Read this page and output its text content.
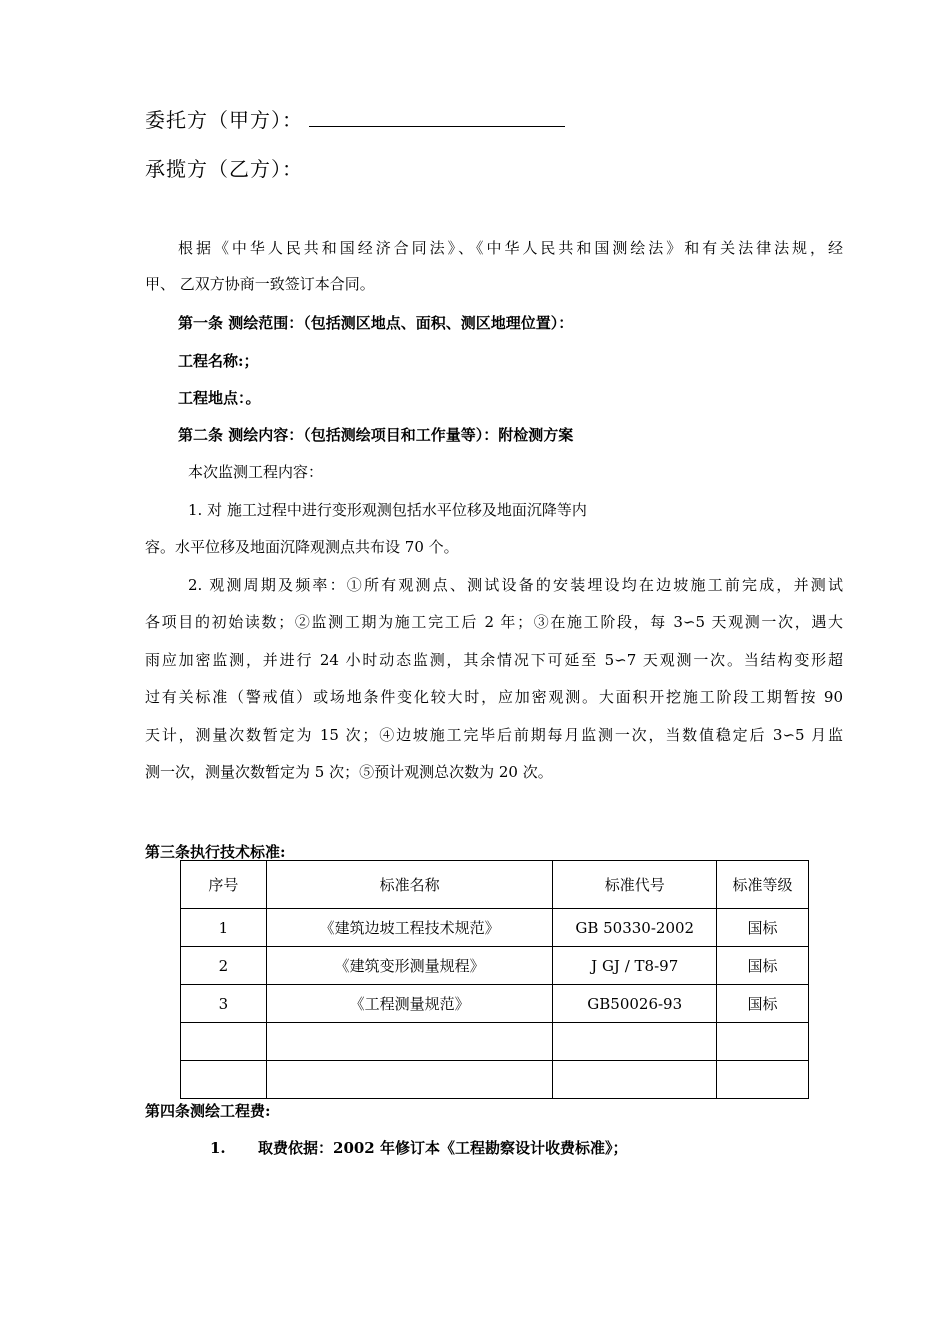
委托方（甲方）：
承揽方（乙方）：
根据《中华人民共和国经济合同法》、《中华人民共和国测绘法》和有关法律法规，经
甲、 乙双方协商一致签订本合同。
第一条 测绘范围：（包括测区地点、面积、测区地理位置）：
工程名称:；
工程地点：。
第二条 测绘内容：（包括测绘项目和工作量等）：附检测方案
本次监测工程内容：
1. 对 施工过程中进行变形观测包括水平位移及地面沉降等内
容。水平位移及地面沉降观测点共布设 70 个。
2. 观测周期及频率：①所有观测点、测试设备的安装埋设均在边坡施工前完成，并测试
各项目的初始读数；②监测工期为施工完工后 2 年；③在施工阶段，每 3∽5 天观测一次，遇大
雨应加密监测，并进行 24 小时动态监测，其余情况下可延至 5∽7 天观测一次。当结构变形超
过有关标准（警戒值）或场地条件变化较大时，应加密观测。大面积开挖施工阶段工期暂按 90
天计，测量次数暂定为 15 次；④边坡施工完毕后前期每月监测一次，当数值稳定后 3∽5 月监
测一次，测量次数暂定为 5 次；⑤预计观测总次数为 20 次。
第三条执行技术标准:
序号	标准名称	标准代号	标准等级
1	《建筑边坡工程技术规范》	GB 50330-2002	国标
2	《建筑变形测量规程》	J GJ / T8-97	国标
3	《工程测量规范》	GB50026-93	国标

第四条测绘工程费:
1. 取费依据：2002 年修订本《工程勘察设计收费标准》；
